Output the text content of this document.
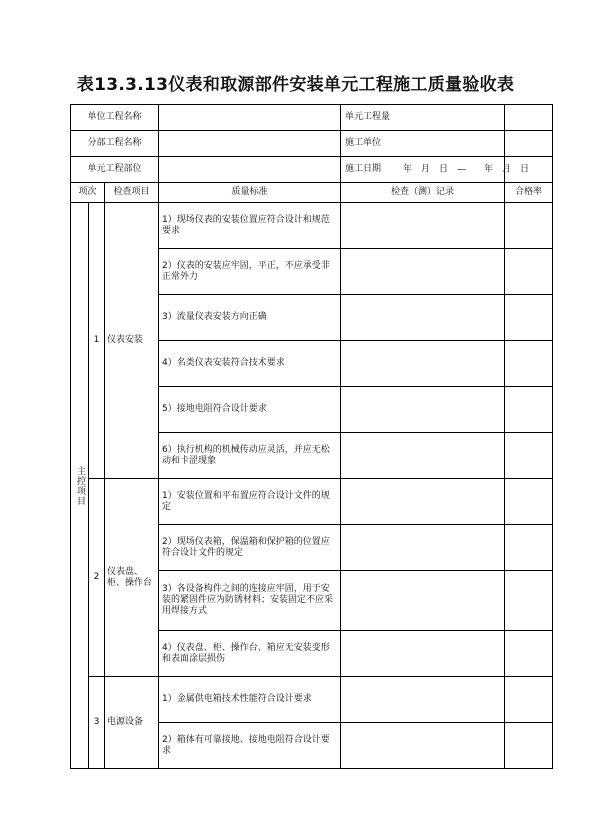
表13.3.13仪表和取源部件安装单元工程施工质量验收表
单位工程名称				单元工程量	
分部工程名称				施工单位	
单元工程部位				施工日期 年　月　日　—　　年　月　日	

项次		检查项目	质量标准	检查（测）记录	合格率
主控项目	1	仪表安装	1）现场仪表的安装位置应符合设计和规范要求		
			2）仪表的安装应牢固，平正，不应承受非正常外力		
			3）流量仪表安装方向正确		
			4）名类仪表安装符合技术要求		
			5）接地电阻符合设计要求		
			6）执行机构的机械传动应灵活，并应无松动和卡涩现象		
	2	仪表盘、柜、操作台	1）安装位置和平布置应符合设计文件的规定		
			2）现场仪表箱，保温箱和保护箱的位置应符合设计文件的规定		
			3）各设备构件之间的连接应牢固，用于安装的紧固件应为防锈材料；安装固定不应采用焊接方式		
			4）仪表盘、柜、操作台、箱应无安装变形和表面涂层损伤		
	3	电源设备	1）金属供电箱技术性能符合设计要求		
			2）箱体有可靠接地、接地电阻符合设计要求		
